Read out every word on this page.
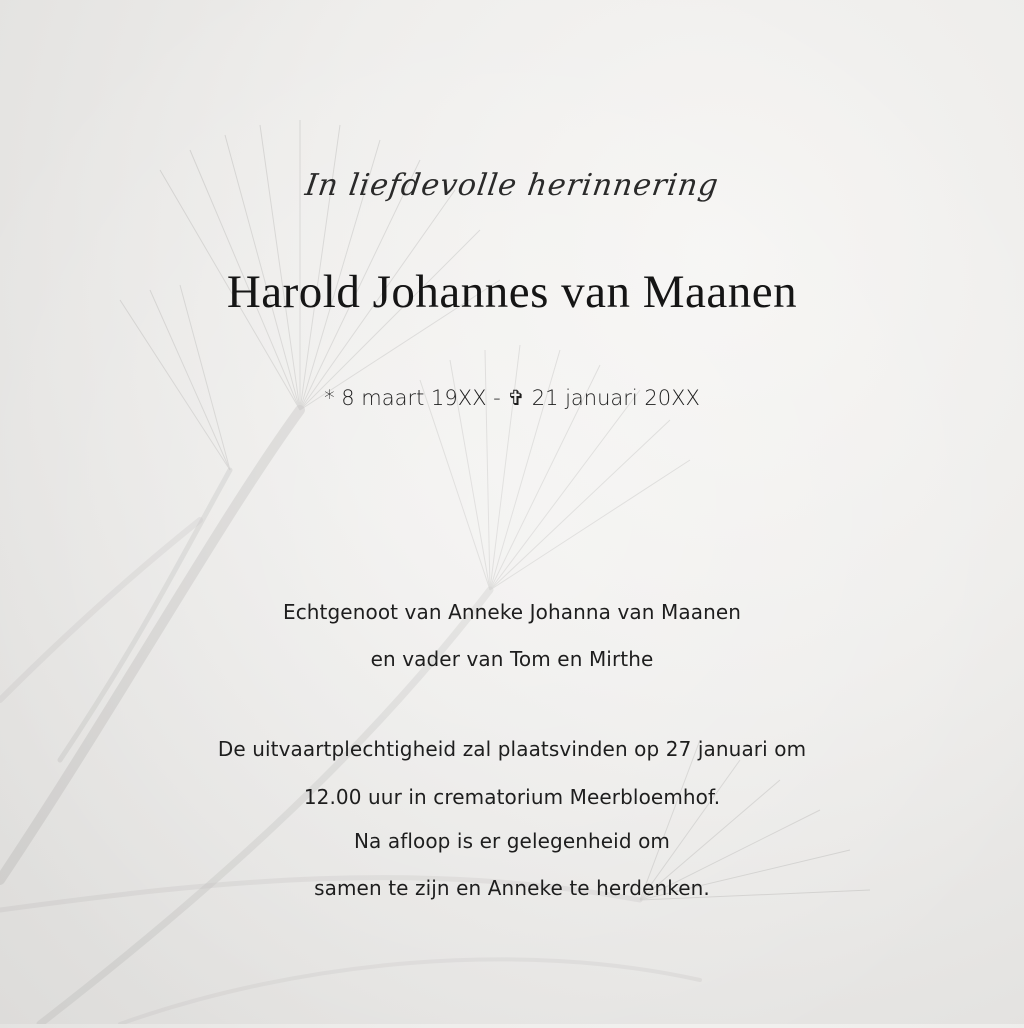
In liefdevolle herinnering
Harold Johannes van Maanen
* 8 maart 19XX - ✞ 21 januari 20XX
Echtgenoot van Anneke Johanna van Maanen
en vader van Tom en Mirthe
De uitvaartplechtigheid zal plaatsvinden op 27 januari om
12.00 uur in crematorium Meerbloemhof.
Na afloop is er gelegenheid om
samen te zijn en Anneke te herdenken.
